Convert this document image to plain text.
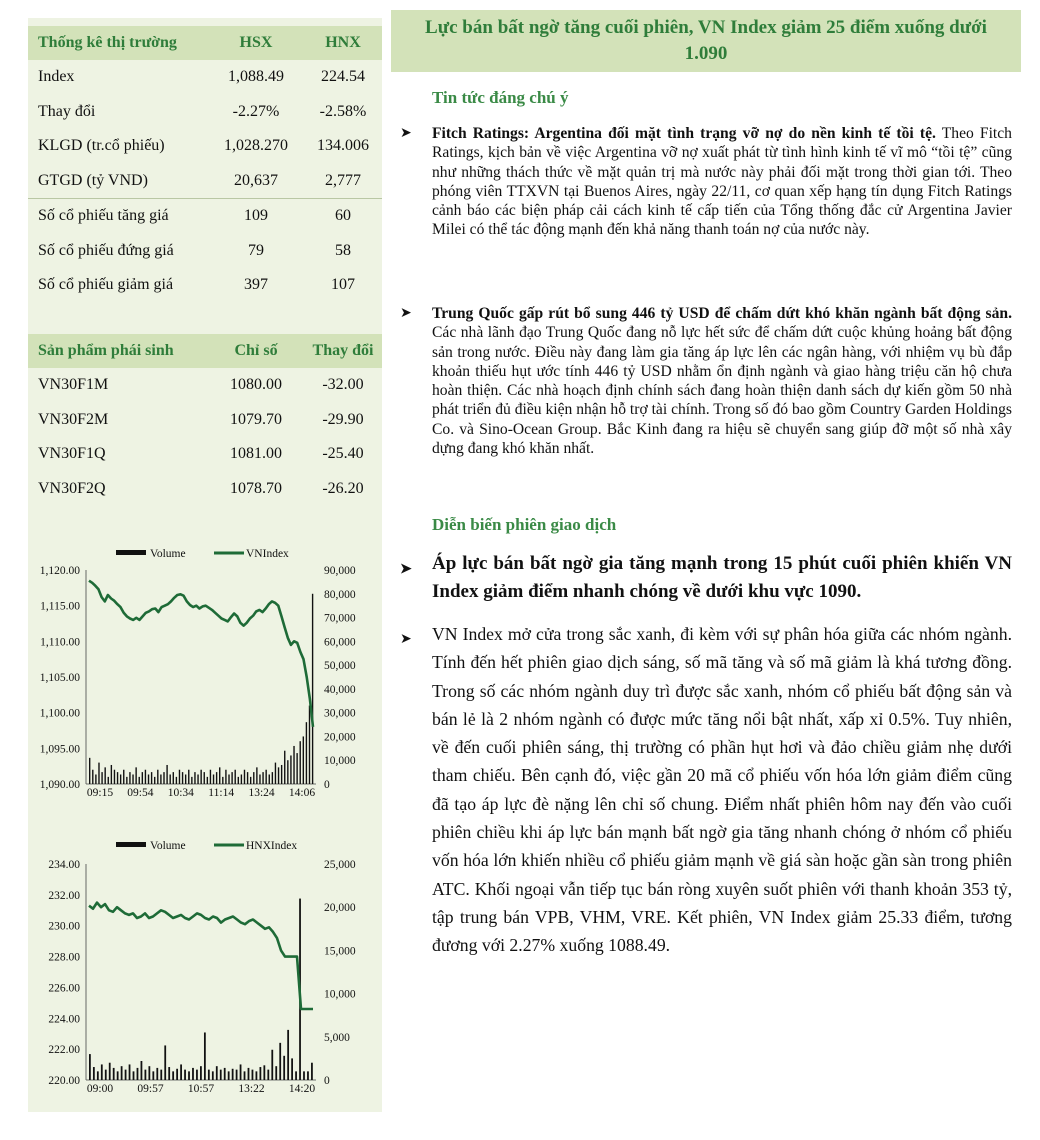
Thống kê thị trường	HSX	HNX
Index	1,088.49	224.54
Thay đổi	-2.27%	-2.58%
KLGD (tr.cổ phiếu)	1,028.270	134.006
GTGD (tỷ VND)	20,637	2,777
Số cổ phiếu tăng giá	109	60
Số cổ phiếu đứng giá	79	58
Số cổ phiếu giảm giá	397	107
Sản phẩm phái sinh	Chỉ số	Thay đổi
VN30F1M	1080.00	-32.00
VN30F2M	1079.70	-29.90
VN30F1Q	1081.00	-25.40
VN30F2Q	1078.70	-26.20
1,120.00
1,115.00
1,110.00
1,105.00
1,100.00
1,095.00
1,090.00
90,000
80,000
70,000
60,000
50,000
40,000
30,000
20,000
10,000
0
09:15 09:54 10:34 11:14 13:24 14:06
Volume	VNIndex
234.00
232.00
230.00
228.00
226.00
224.00
222.00
220.00
25,000
20,000
15,000
10,000
5,000
0
09:00 09:57 10:57 13:22 14:20
Volume	HNXIndex
Lực bán bất ngờ tăng cuối phiên, VN Index giảm 25 điểm xuống dưới 1.090
Tin tức đáng chú ý
➤ Fitch Ratings: Argentina đối mặt tình trạng vỡ nợ do nền kinh tế tồi tệ. Theo Fitch Ratings, kịch bản về việc Argentina vỡ nợ xuất phát từ tình hình kinh tế vĩ mô “tồi tệ” cũng như những thách thức về mặt quản trị mà nước này phải đối mặt trong thời gian tới. Theo phóng viên TTXVN tại Buenos Aires, ngày 22/11, cơ quan xếp hạng tín dụng Fitch Ratings cảnh báo các biện pháp cải cách kinh tế cấp tiến của Tổng thống đắc cử Argentina Javier Milei có thể tác động mạnh đến khả năng thanh toán nợ của nước này.
➤ Trung Quốc gấp rút bổ sung 446 tỷ USD để chấm dứt khó khăn ngành bất động sản. Các nhà lãnh đạo Trung Quốc đang nỗ lực hết sức để chấm dứt cuộc khủng hoảng bất động sản trong nước. Điều này đang làm gia tăng áp lực lên các ngân hàng, với nhiệm vụ bù đắp khoản thiếu hụt ước tính 446 tỷ USD nhằm ổn định ngành và giao hàng triệu căn hộ chưa hoàn thiện. Các nhà hoạch định chính sách đang hoàn thiện danh sách dự kiến gồm 50 nhà phát triển đủ điều kiện nhận hỗ trợ tài chính. Trong số đó bao gồm Country Garden Holdings Co. và Sino-Ocean Group. Bắc Kinh đang ra hiệu sẽ chuyển sang giúp đỡ một số nhà xây dựng đang khó khăn nhất.
Diễn biến phiên giao dịch
➤ Áp lực bán bất ngờ gia tăng mạnh trong 15 phút cuối phiên khiến VN Index giảm điểm nhanh chóng về dưới khu vực 1090.
➤ VN Index mở cửa trong sắc xanh, đi kèm với sự phân hóa giữa các nhóm ngành. Tính đến hết phiên giao dịch sáng, số mã tăng và số mã giảm là khá tương đồng. Trong số các nhóm ngành duy trì được sắc xanh, nhóm cổ phiếu bất động sản và bán lẻ là 2 nhóm ngành có được mức tăng nổi bật nhất, xấp xỉ 0.5%. Tuy nhiên, về đến cuối phiên sáng, thị trường có phần hụt hơi và đảo chiều giảm nhẹ dưới tham chiếu. Bên cạnh đó, việc gần 20 mã cổ phiếu vốn hóa lớn giảm điểm cũng đã tạo áp lực đè nặng lên chỉ số chung. Điểm nhất phiên hôm nay đến vào cuối phiên chiều khi áp lực bán mạnh bất ngờ gia tăng nhanh chóng ở nhóm cổ phiếu vốn hóa lớn khiến nhiều cổ phiếu giảm mạnh về giá sàn hoặc gần sàn trong phiên ATC. Khối ngoại vẫn tiếp tục bán ròng xuyên suốt phiên với thanh khoản 353 tỷ, tập trung bán VPB, VHM, VRE. Kết phiên, VN Index giảm 25.33 điểm, tương đương với 2.27% xuống 1088.49.
